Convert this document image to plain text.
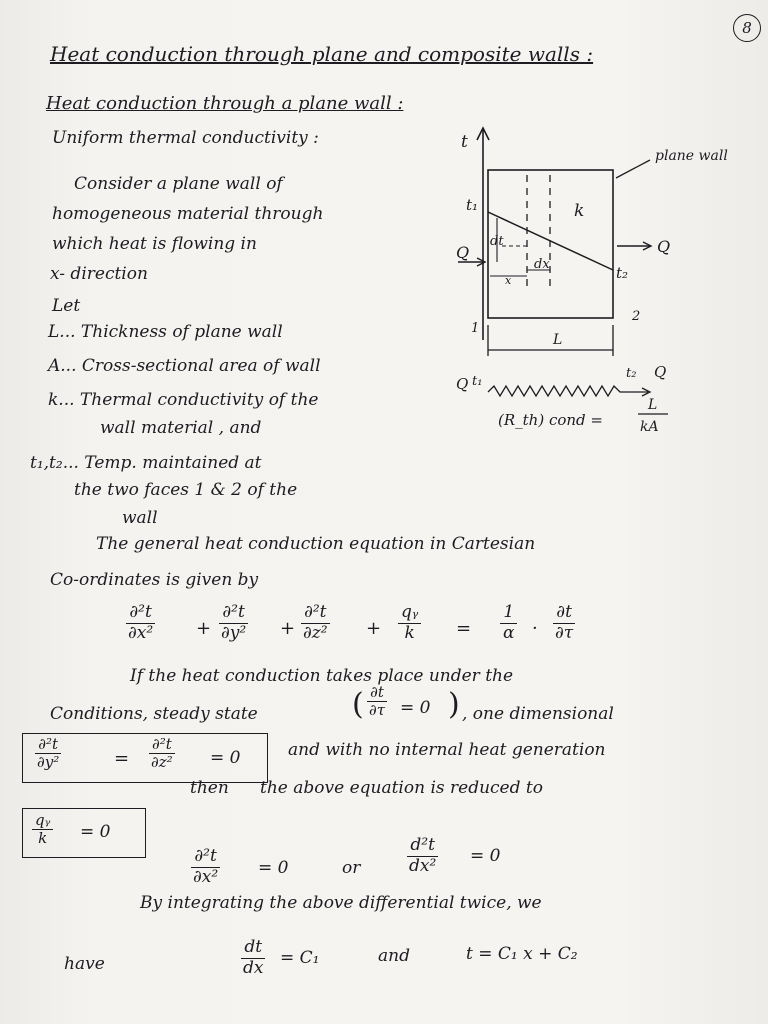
Heat conduction through plane and composite walls :
8
Heat conduction through a plane wall :
Uniform thermal conductivity :
Consider a plane wall of
homogeneous material through
which heat is flowing in
x- direction
Let
L... Thickness of plane wall
A... Cross-sectional area of wall
k... Thermal conductivity of the
wall material , and
t₁,t₂... Temp. maintained at
the two faces 1 & 2 of the
wall
t
plane wall
t₁	k
dt
dx
x	t₂
Q	Q
1
2
L
Q t₁
t₂ Q
(R_th) cond =
L
kA
The general heat conduction equation in Cartesian
Co-ordinates is given by
$\frac{\text{∂²t}}{\text{∂x²}} + \frac{\text{∂²t}}{\text{∂y²}} + \frac{\text{∂²t}}{\text{∂z²}} + \frac{\text{qᵧ}}{k} = \frac{1}{\alpha} \cdot \frac{\partial t}{\partial\tau}$
If the heat conduction takes place under the
Conditions, steady state	( $\frac{\partial t}{\partial\tau} = 0$ ) , one dimensional
$\frac{\text{∂²t}}{\text{∂y²}}$	= $\frac{\text{∂²t}}{\text{∂z²}} = 0$	and with no internal heat generation
then the above equation is reduced to
$\frac{\text{qᵧ}}{k} = 0$
$\frac{\text{∂²t}}{\text{∂x²}} = 0$	or	$\frac{\text{d²t}}{\text{dx²}} = 0$
By integrating the above differential twice, we
have	$\frac{dt}{dx} = C_1$	and	t = C₁ x + C₂
